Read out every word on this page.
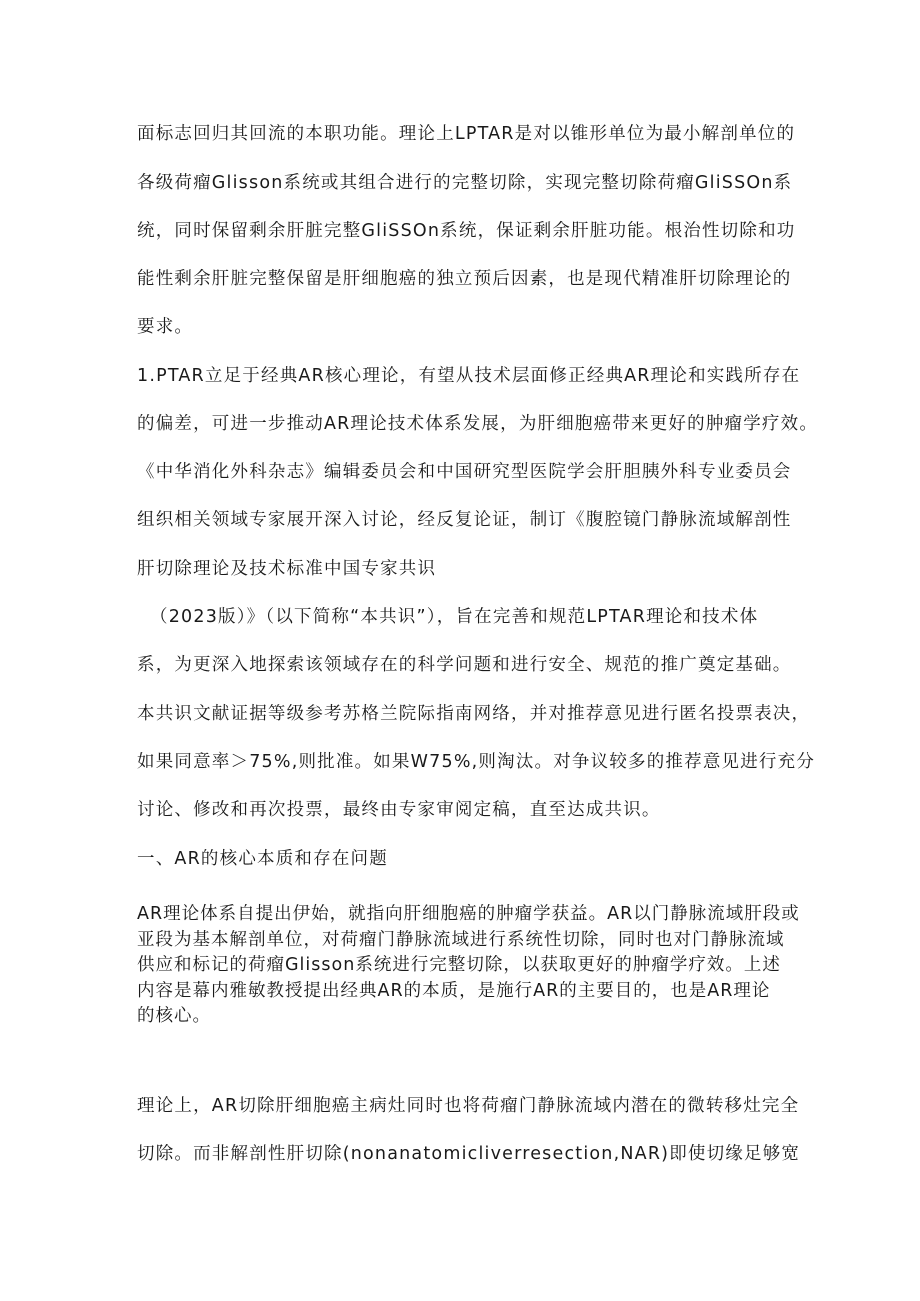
面标志回归其回流的本职功能。理论上LPTAR是对以锥形单位为最小解剖单位的
各级荷瘤Glisson系统或其组合进行的完整切除，实现完整切除荷瘤GliSSOn系
统，同时保留剩余肝脏完整GliSSOn系统，保证剩余肝脏功能。根治性切除和功
能性剩余肝脏完整保留是肝细胞癌的独立预后因素，也是现代精准肝切除理论的
要求。
1.PTAR立足于经典AR核心理论，有望从技术层面修正经典AR理论和实践所存在
的偏差，可进一步推动AR理论技术体系发展，为肝细胞癌带来更好的肿瘤学疗效。
《中华消化外科杂志》编辑委员会和中国研究型医院学会肝胆胰外科专业委员会
组织相关领域专家展开深入讨论，经反复论证，制订《腹腔镜门静脉流域解剖性
肝切除理论及技术标准中国专家共识
（2023版）》（以下简称“本共识”），旨在完善和规范LPTAR理论和技术体
系，为更深入地探索该领域存在的科学问题和进行安全、规范的推广奠定基础。
本共识文献证据等级参考苏格兰院际指南网络，并对推荐意见进行匿名投票表决，
如果同意率＞75%,则批准。如果W75%,则淘汰。对争议较多的推荐意见进行充分
讨论、修改和再次投票，最终由专家审阅定稿，直至达成共识。
一、AR的核心本质和存在问题
AR理论体系自提出伊始，就指向肝细胞癌的肿瘤学获益。AR以门静脉流域肝段或
亚段为基本解剖单位，对荷瘤门静脉流域进行系统性切除，同时也对门静脉流域
供应和标记的荷瘤Glisson系统进行完整切除，以获取更好的肿瘤学疗效。上述
内容是幕内雅敏教授提出经典AR的本质，是施行AR的主要目的，也是AR理论
的核心。
理论上，AR切除肝细胞癌主病灶同时也将荷瘤门静脉流域内潜在的微转移灶完全
切除。而非解剖性肝切除(nonanatomicliverresection,NAR)即使切缘足够宽
